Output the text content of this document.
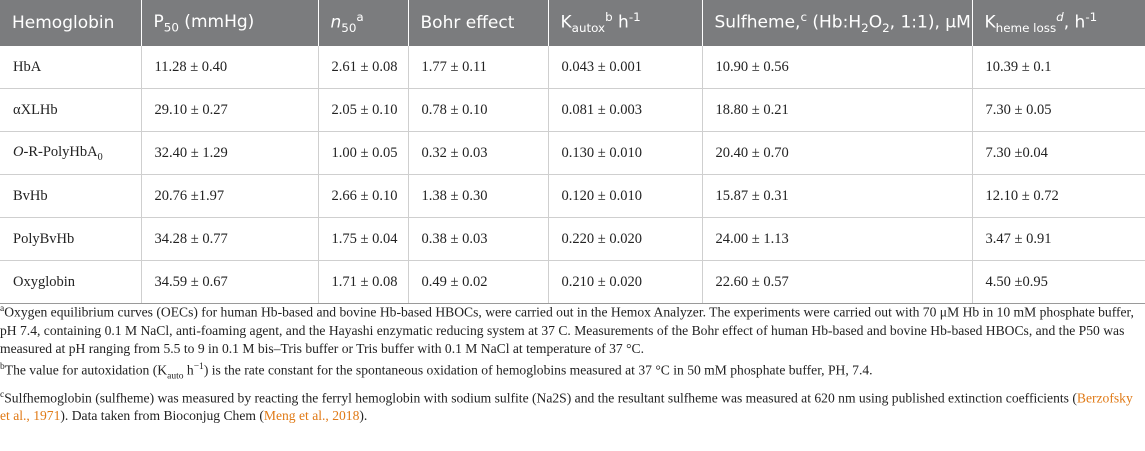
Hemoglobin	$P_{50}$ (mmHg)	$n_{50}^a$	Bohr effect	$K_{autox}^b$ $h^{-1}$	Sulfheme,$^c$ ($Hb:H_2O_2$, 1:1), μM	$K_{heme loss}^d$, $h^{-1}$
HbA	11.28 ± 0.40	2.61 ± 0.08	1.77 ± 0.11	0.043 ± 0.001	10.90 ± 0.56	10.39 ± 0.1
αXLHb	29.10 ± 0.27	2.05 ± 0.10	0.78 ± 0.10	0.081 ± 0.003	18.80 ± 0.21	7.30 ± 0.05
O-R-PolyHbA$_0$	32.40 ± 1.29	1.00 ± 0.05	0.32 ± 0.03	0.130 ± 0.010	20.40 ± 0.70	7.30 ±0.04
BvHb	20.76 ±1.97	2.66 ± 0.10	1.38 ± 0.30	0.120 ± 0.010	15.87 ± 0.31	12.10 ± 0.72
PolyBvHb	34.28 ± 0.77	1.75 ± 0.04	0.38 ± 0.03	0.220 ± 0.020	24.00 ± 1.13	3.47 ± 0.91
Oxyglobin	34.59 ± 0.67	1.71 ± 0.08	0.49 ± 0.02	0.210 ± 0.020	22.60 ± 0.57	4.50 ±0.95

$^a$Oxygen equilibrium curves (OECs) for human Hb-based and bovine Hb-based HBOCs, were carried out in the Hemox Analyzer. The experiments were carried out with 70 μM Hb in 10 mM phosphate buffer, pH 7.4, containing 0.1 M NaCl, anti-foaming agent, and the Hayashi enzymatic reducing system at 37 C. Measurements of the Bohr effect of human Hb-based and bovine Hb-based HBOCs, and the P50 was measured at pH ranging from 5.5 to 9 in 0.1 M bis–Tris buffer or Tris buffer with 0.1 M NaCl at temperature of 37 °C.

$^b$The value for autoxidation ($K_{auto}$ $h^{-1}$) is the rate constant for the spontaneous oxidation of hemoglobins measured at 37 °C in 50 mM phosphate buffer, PH, 7.4.

$^c$Sulfhemoglobin (sulfheme) was measured by reacting the ferryl hemoglobin with sodium sulfite (Na2S) and the resultant sulfheme was measured at 620 nm using published extinction coefficients (Berzofsky et al., 1971). Data taken from Bioconjug Chem (Meng et al., 2018).
